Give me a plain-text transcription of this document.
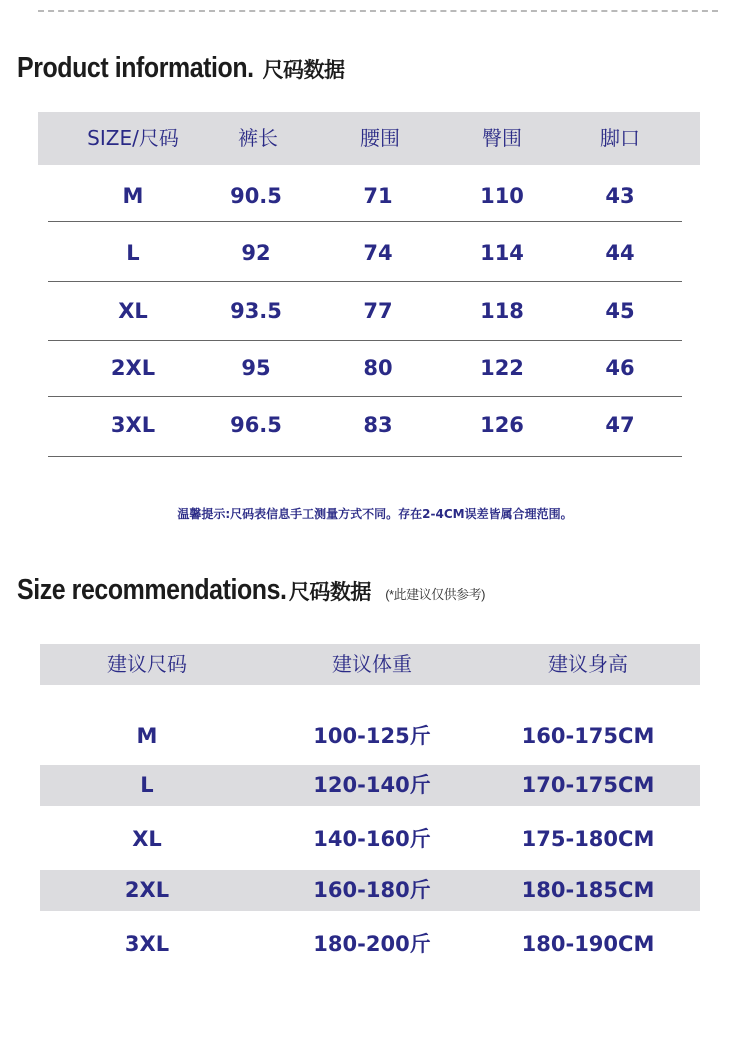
Product information. 尺码数据
SIZE/尺码	裤长	腰围	臀围	脚口
M	90.5	71	110	43
L	92	74	114	44
XL	93.5	77	118	45
2XL	95	80	122	46
3XL	96.5	83	126	47
温馨提示:尺码表信息手工测量方式不同。存在2-4CM误差皆属合理范围。
Size recommendations. 尺码数据 (*此建议仅供参考)
建议尺码	建议体重	建议身高
M	100-125斤	160-175CM
L	120-140斤	170-175CM
XL	140-160斤	175-180CM
2XL	160-180斤	180-185CM
3XL	180-200斤	180-190CM
